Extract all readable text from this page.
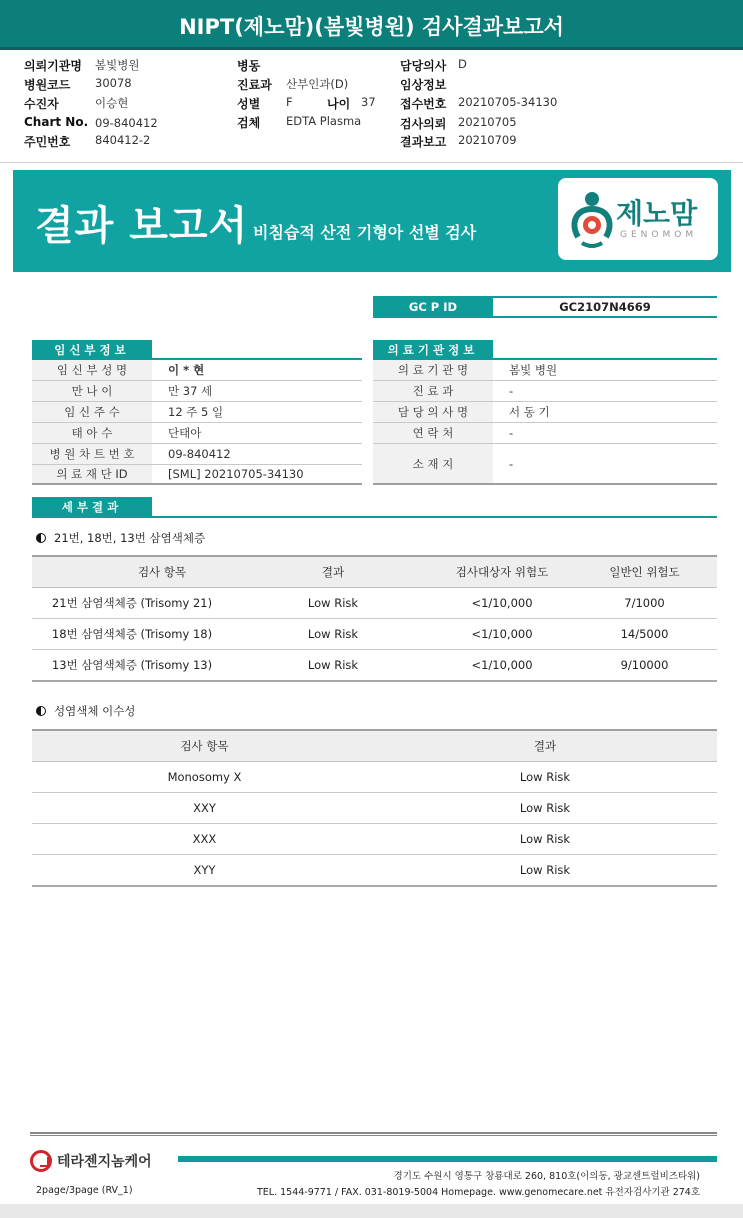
NIPT(제노맘)(봄빛병원) 검사결과보고서
의뢰기관명 봄빛병원
병원코드 30078
수진자	이승현
Chart No. 09-840412
주민번호 840412-2
병동
진료과 산부인과(D)
성별 F	나이 37
검체 EDTA Plasma
담당의사 D
임상정보
접수번호 20210705-34130
검사의뢰 20210705
결과보고 20210709
결과 보고서 비침습적 산전 기형아 선별 검사
제노맘
GENOMOM
GC P ID	GC2107N4669
임신부정보
임 신 부 성 명	이 * 현
만 나 이	만 37 세
임 신 주 수	12 주 5 일
태 아 수	단태아
병 원 차 트 번 호	09-840412
의 료 재 단 ID	[SML] 20210705-34130
의료기관정보
의 료 기 관 명	봄빛 병원
진 료 과	-
담 당 의 사 명	서 동 기
연 락 처	-
소 재 지	-
세부결과
21번, 18번, 13번 삼염색체증
검사 항목	결과	검사대상자 위험도	일반인 위험도
21번 삼염색체증 (Trisomy 21)	Low Risk	<1/10,000	7/1000
18번 삼염색체증 (Trisomy 18)	Low Risk	<1/10,000	14/5000
13번 삼염색체증 (Trisomy 13)	Low Risk	<1/10,000	9/10000
성염색체 이수성
검사 항목	결과
Monosomy X	Low Risk
XXY	Low Risk
XXX	Low Risk
XYY	Low Risk
테라젠지놈케어
경기도 수원시 영통구 창룡대로 260, 810호(이의동, 광교센트럴비즈타워)
TEL. 1544-9771 / FAX. 031-8019-5004 Homepage. www.genomecare.net 유전자검사기관 274호
2page/3page (RV_1)
